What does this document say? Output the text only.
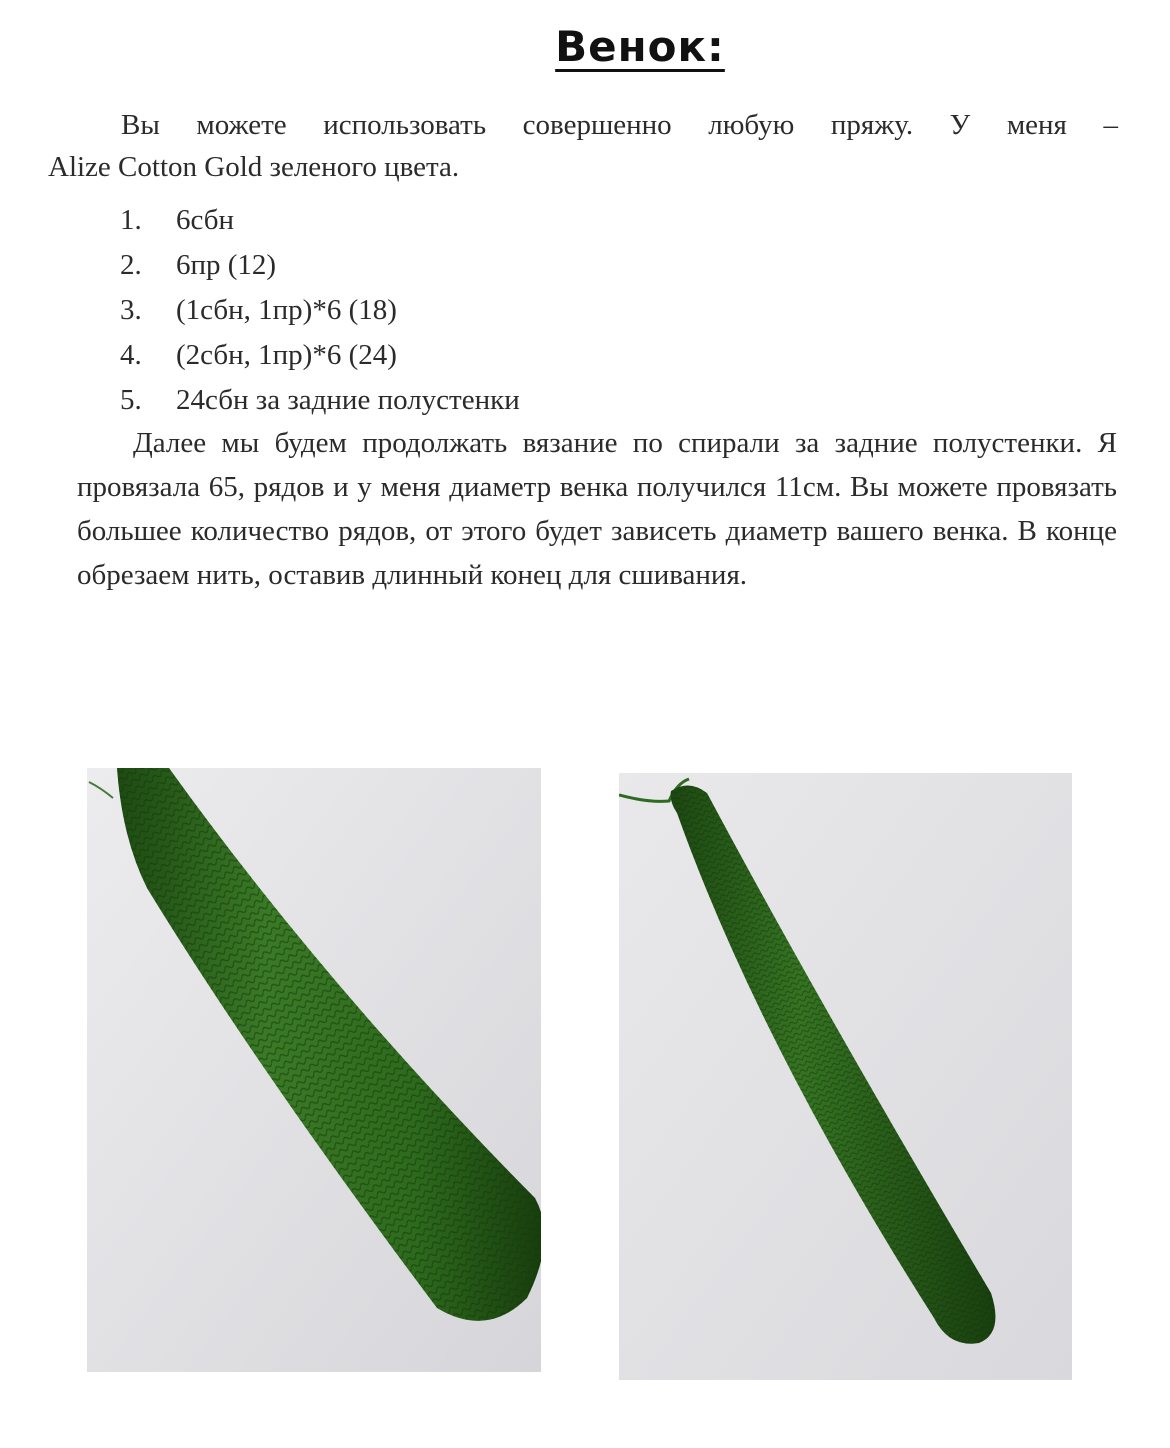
Венок:
Вы можете использовать совершенно любую пряжу. У меня –
Alize Cotton Gold зеленого цвета.
1.	6сбн
2.	6пр (12)
3.	(1сбн, 1пр)*6 (18)
4.	(2сбн, 1пр)*6 (24)
5.	24сбн за задние полустенки
Далее мы будем продолжать вязание по спирали за задние полустенки. Я провязала 65, рядов и у меня диаметр венка получился 11см. Вы можете провязать большее количество рядов, от этого будет зависеть диаметр вашего венка. В конце обрезаем нить, оставив длинный конец для сшивания.
